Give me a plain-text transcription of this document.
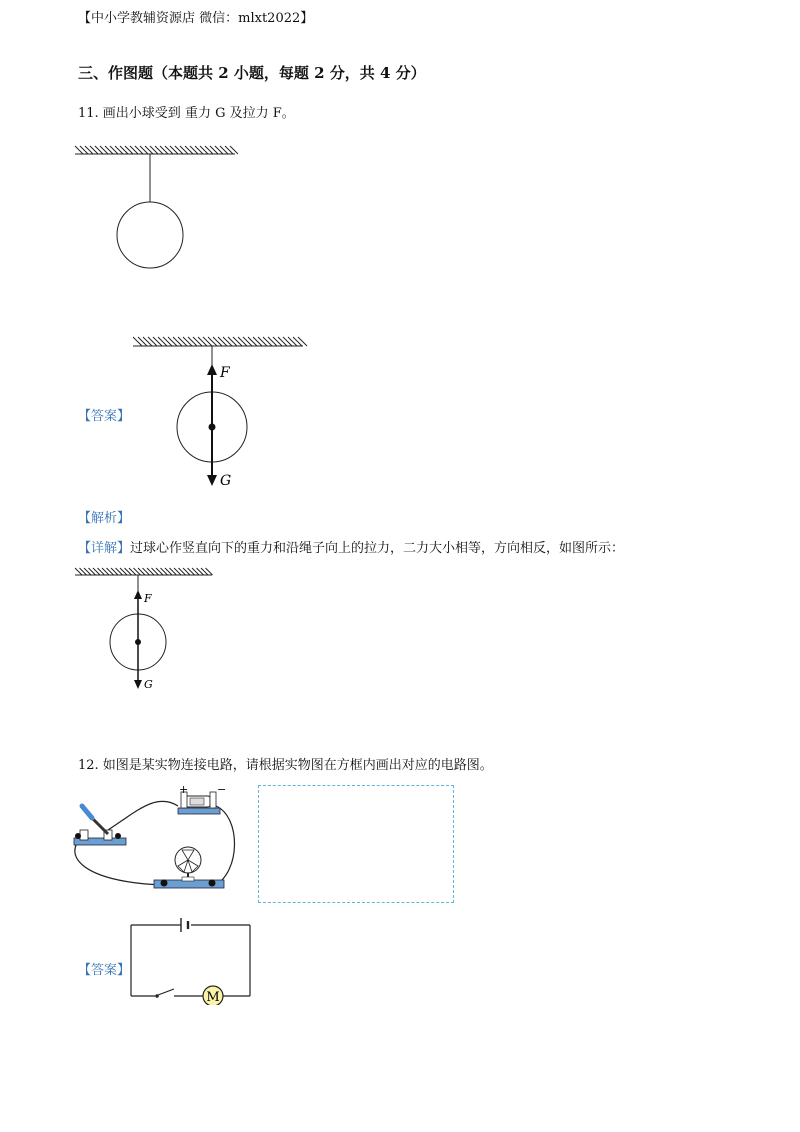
【中小学教辅资源店 微信：mlxt2022】
三、作图题（本题共 2 小题，每题 2 分，共 4 分）
11. 画出小球受到 重力 G 及拉力 F。
【答案】
F
G
【解析】
【详解】过球心作竖直向下的重力和沿绳子向上的拉力，二力大小相等，方向相反，如图所示：
F
G
12. 如图是某实物连接电路，请根据实物图在方框内画出对应的电路图。
+	−
【答案】
M
